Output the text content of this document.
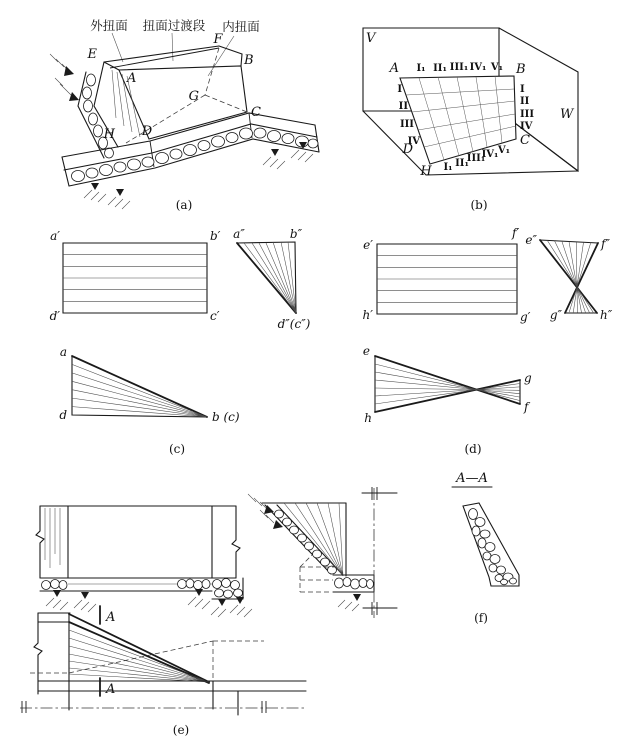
外扭面 扭面过渡段 内扭面
E
A
F
B
G
C
H D
(a)
V
W
A	B
C
D
H
I
II
III
IV
I
II
III
IV
I₁ II₁ III₁ IV₁ V₁
I₁ II₁
III₁
IV₁ V₁
(b)
a′	b′
d′	c′
a″	b″
d″(c″)
a
d	b (c)
(c)
e′
f′
h′	g′
e″	f″
g″	h″
e
h
g
f
(d)
A
A
(e)
A—A
(f)
